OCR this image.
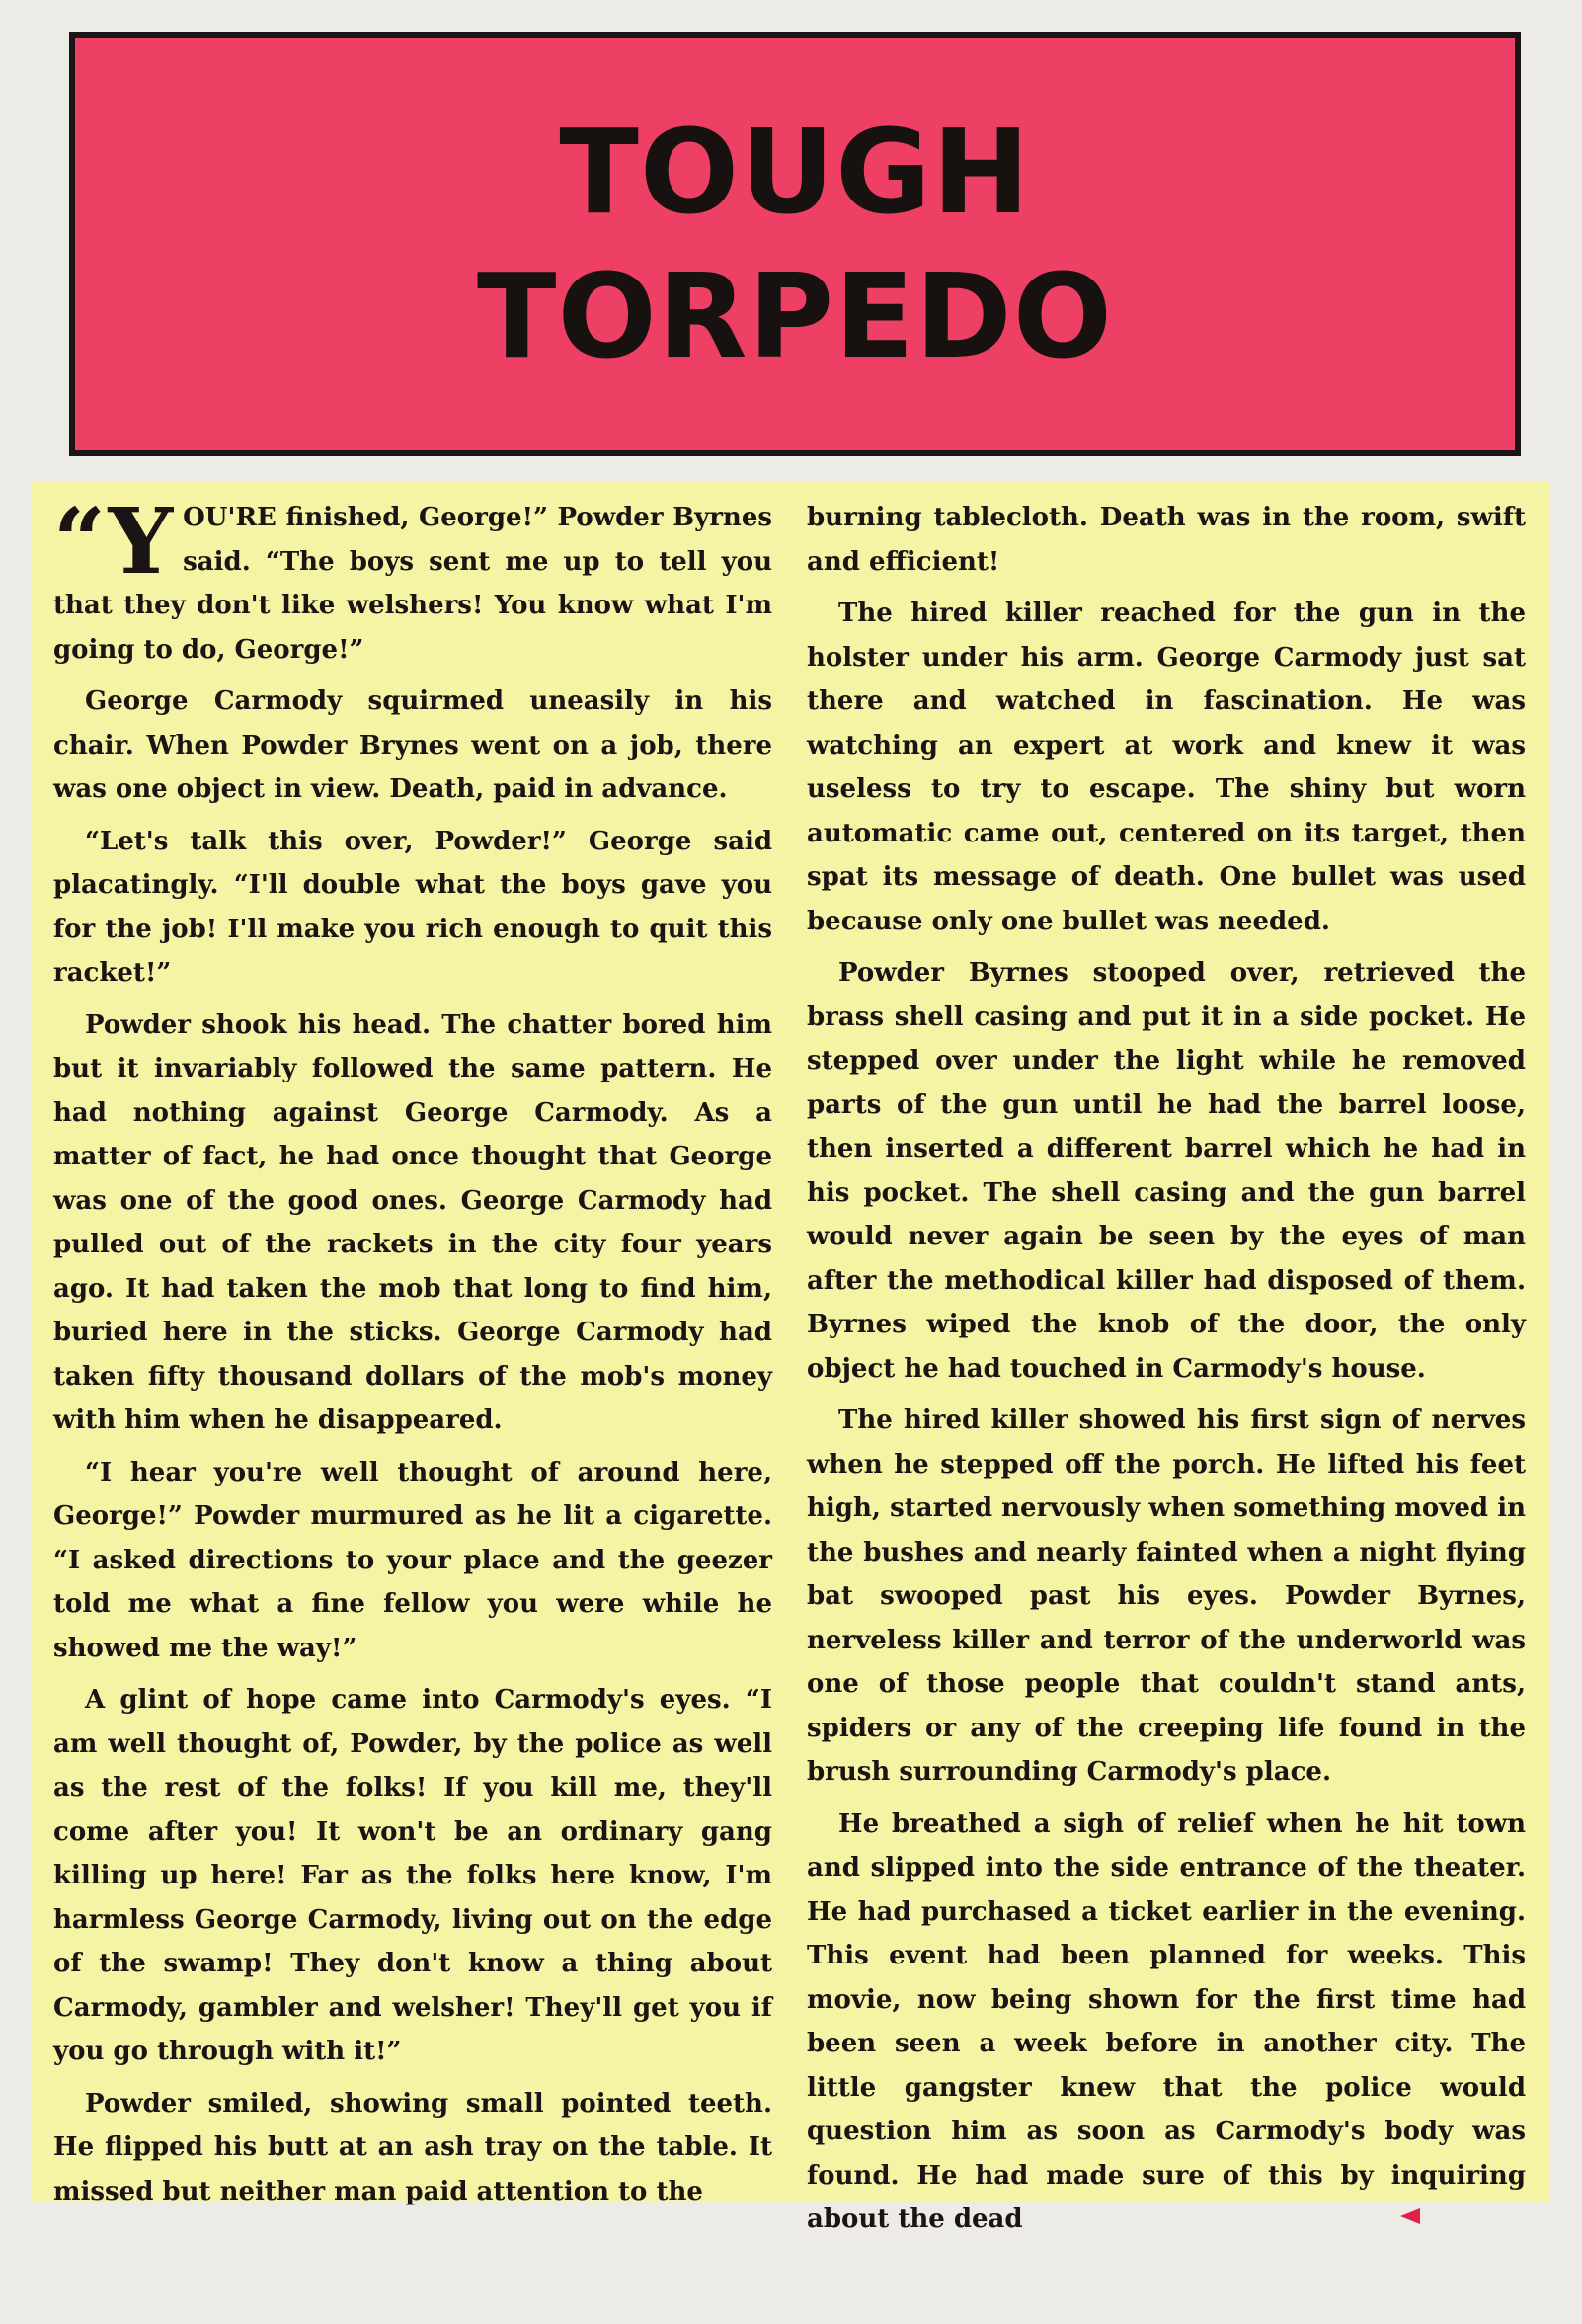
TOUGH
TORPEDO

“YOU'RE finished, George!” Powder Byrnes said. “The boys sent me up to tell you that they don't like welshers! You know what I'm going to do, George!”

George Carmody squirmed uneasily in his chair. When Powder Brynes went on a job, there was one object in view. Death, paid in advance.

“Let's talk this over, Powder!” George said placatingly. “I'll double what the boys gave you for the job! I'll make you rich enough to quit this racket!”

Powder shook his head. The chatter bored him but it invariably followed the same pattern. He had nothing against George Carmody. As a matter of fact, he had once thought that George was one of the good ones. George Carmody had pulled out of the rackets in the city four years ago. It had taken the mob that long to find him, buried here in the sticks. George Carmody had taken fifty thousand dollars of the mob's money with him when he disappeared.

“I hear you're well thought of around here, George!” Powder murmured as he lit a cigarette. “I asked directions to your place and the geezer told me what a fine fellow you were while he showed me the way!”

A glint of hope came into Carmody's eyes. “I am well thought of, Powder, by the police as well as the rest of the folks! If you kill me, they'll come after you! It won't be an ordinary gang killing up here! Far as the folks here know, I'm harmless George Carmody, living out on the edge of the swamp! They don't know a thing about Carmody, gambler and welsher! They'll get you if you go through with it!”

Powder smiled, showing small pointed teeth. He flipped his butt at an ash tray on the table. It missed but neither man paid attention to the

burning tablecloth. Death was in the room, swift and efficient!

The hired killer reached for the gun in the holster under his arm. George Carmody just sat there and watched in fascination. He was watching an expert at work and knew it was useless to try to escape. The shiny but worn automatic came out, centered on its target, then spat its message of death. One bullet was used because only one bullet was needed.

Powder Byrnes stooped over, retrieved the brass shell casing and put it in a side pocket. He stepped over under the light while he removed parts of the gun until he had the barrel loose, then inserted a different barrel which he had in his pocket. The shell casing and the gun barrel would never again be seen by the eyes of man after the methodical killer had disposed of them. Byrnes wiped the knob of the door, the only object he had touched in Carmody's house.

The hired killer showed his first sign of nerves when he stepped off the porch. He lifted his feet high, started nervously when something moved in the bushes and nearly fainted when a night flying bat swooped past his eyes. Powder Byrnes, nerveless killer and terror of the underworld was one of those people that couldn't stand ants, spiders or any of the creeping life found in the brush surrounding Carmody's place.

He breathed a sigh of relief when he hit town and slipped into the side entrance of the theater. He had purchased a ticket earlier in the evening. This event had been planned for weeks. This movie, now being shown for the first time had been seen a week before in another city. The little gangster knew that the police would question him as soon as Carmody's body was found. He had made sure of this by inquiring about the dead
